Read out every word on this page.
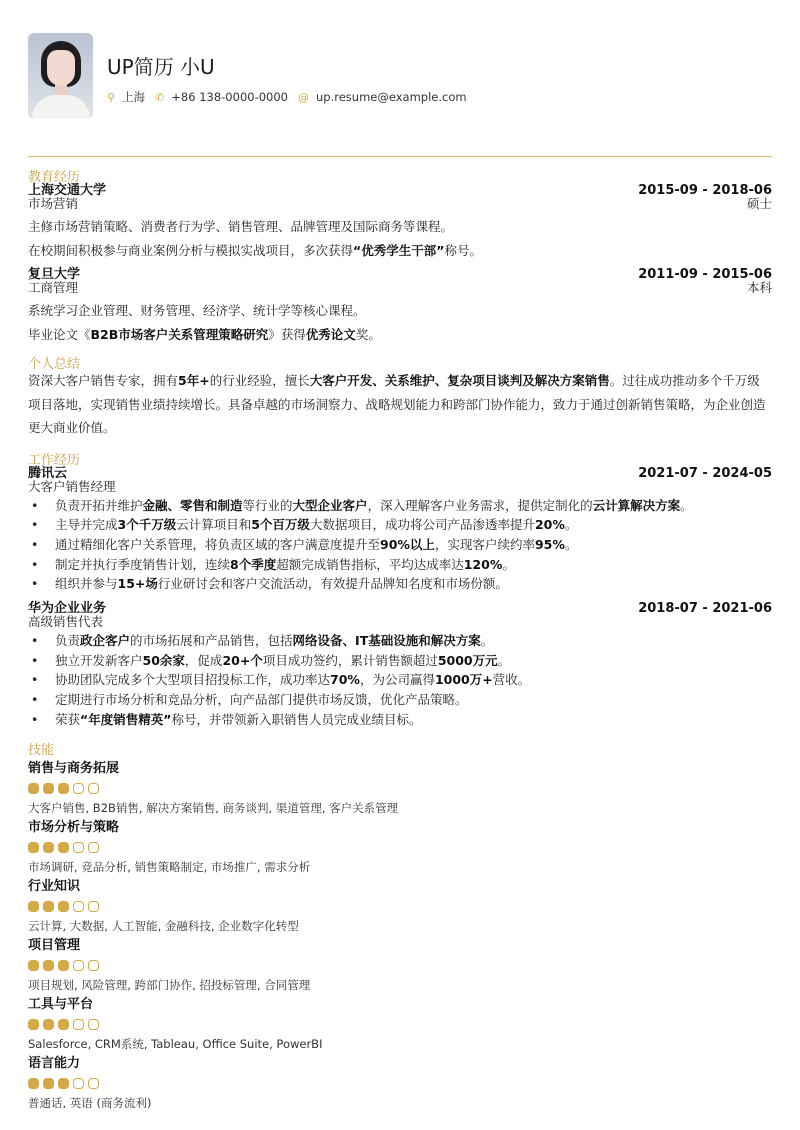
UP简历 小U
⚲ 上海 ✆ +86 138-0000-0000 @ up.resume@example.com
教育经历
上海交通大学	2015-09 - 2018-06
市场营销	硕士
主修市场营销策略、消费者行为学、销售管理、品牌管理及国际商务等课程。
在校期间积极参与商业案例分析与模拟实战项目，多次获得“优秀学生干部”称号。
复旦大学	2011-09 - 2015-06
工商管理	本科
系统学习企业管理、财务管理、经济学、统计学等核心课程。
毕业论文《B2B市场客户关系管理策略研究》获得优秀论文奖。
个人总结
资深大客户销售专家，拥有5年+的行业经验，擅长大客户开发、关系维护、复杂项目谈判及解决方案销售。过往成功推动多个千万级项目落地，实现销售业绩持续增长。具备卓越的市场洞察力、战略规划能力和跨部门协作能力，致力于通过创新销售策略，为企业创造更大商业价值。
工作经历
腾讯云	2021-07 - 2024-05
大客户销售经理
• 负责开拓并维护金融、零售和制造等行业的大型企业客户，深入理解客户业务需求，提供定制化的云计算解决方案。
• 主导并完成3个千万级云计算项目和5个百万级大数据项目，成功将公司产品渗透率提升20%。
• 通过精细化客户关系管理，将负责区域的客户满意度提升至90%以上，实现客户续约率95%。
• 制定并执行季度销售计划，连续8个季度超额完成销售指标，平均达成率达120%。
• 组织并参与15+场行业研讨会和客户交流活动，有效提升品牌知名度和市场份额。
华为企业业务	2018-07 - 2021-06
高级销售代表
• 负责政企客户的市场拓展和产品销售，包括网络设备、IT基础设施和解决方案。
• 独立开发新客户50余家，促成20+个项目成功签约，累计销售额超过5000万元。
• 协助团队完成多个大型项目招投标工作，成功率达70%，为公司赢得1000万+营收。
• 定期进行市场分析和竞品分析，向产品部门提供市场反馈，优化产品策略。
• 荣获“年度销售精英”称号，并带领新入职销售人员完成业绩目标。
技能
销售与商务拓展
大客户销售, B2B销售, 解决方案销售, 商务谈判, 渠道管理, 客户关系管理
市场分析与策略
市场调研, 竞品分析, 销售策略制定, 市场推广, 需求分析
行业知识
云计算, 大数据, 人工智能, 金融科技, 企业数字化转型
项目管理
项目规划, 风险管理, 跨部门协作, 招投标管理, 合同管理
工具与平台
Salesforce, CRM系统, Tableau, Office Suite, PowerBI
语言能力
普通话, 英语 (商务流利)
